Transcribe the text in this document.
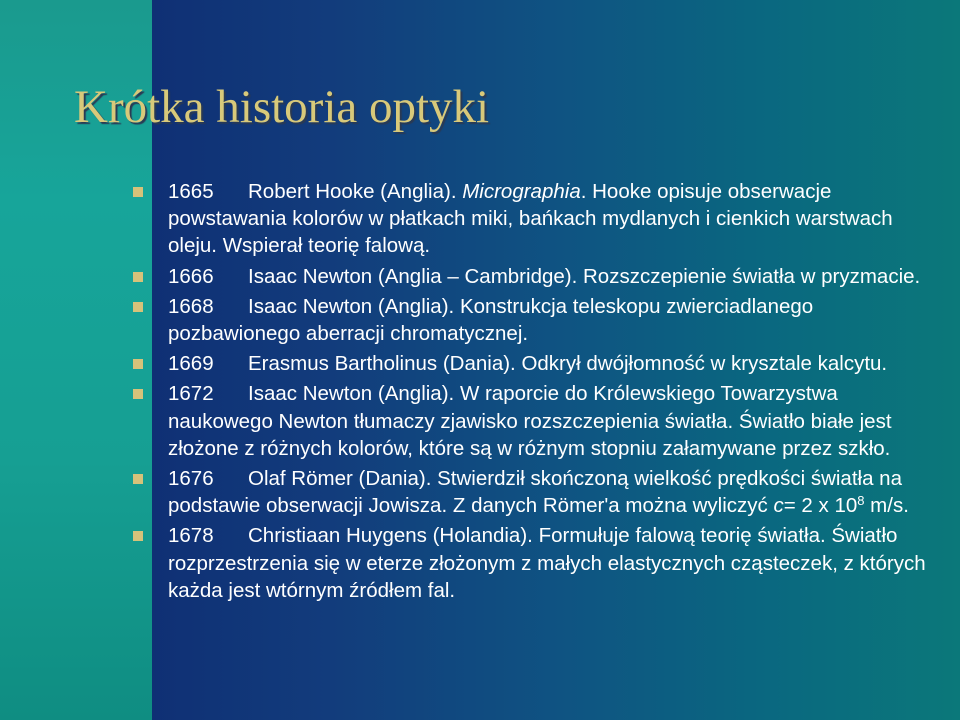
Krótka historia optyki
1665 Robert Hooke (Anglia). Micrographia. Hooke opisuje obserwacje powstawania kolorów w płatkach miki, bańkach mydlanych i cienkich warstwach oleju. Wspierał teorię falową.
1666 Isaac Newton (Anglia – Cambridge). Rozszczepienie światła w pryzmacie.
1668 Isaac Newton (Anglia). Konstrukcja teleskopu zwierciadlanego pozbawionego aberracji chromatycznej.
1669 Erasmus Bartholinus (Dania). Odkrył dwójłomność w krysztale kalcytu.
1672 Isaac Newton (Anglia). W raporcie do Królewskiego Towarzystwa naukowego Newton tłumaczy zjawisko rozszczepienia światła. Światło białe jest złożone z różnych kolorów, które są w różnym stopniu załamywane przez szkło.
1676 Olaf Römer (Dania). Stwierdził skończoną wielkość prędkości światła na podstawie obserwacji Jowisza. Z danych Römer'a można wyliczyć c= 2 x $10^8$ m/s.
1678 Christiaan Huygens (Holandia). Formułuje falową teorię światła. Światło rozprzestrzenia się w eterze złożonym z małych elastycznych cząsteczek, z których każda jest wtórnym źródłem fal.
